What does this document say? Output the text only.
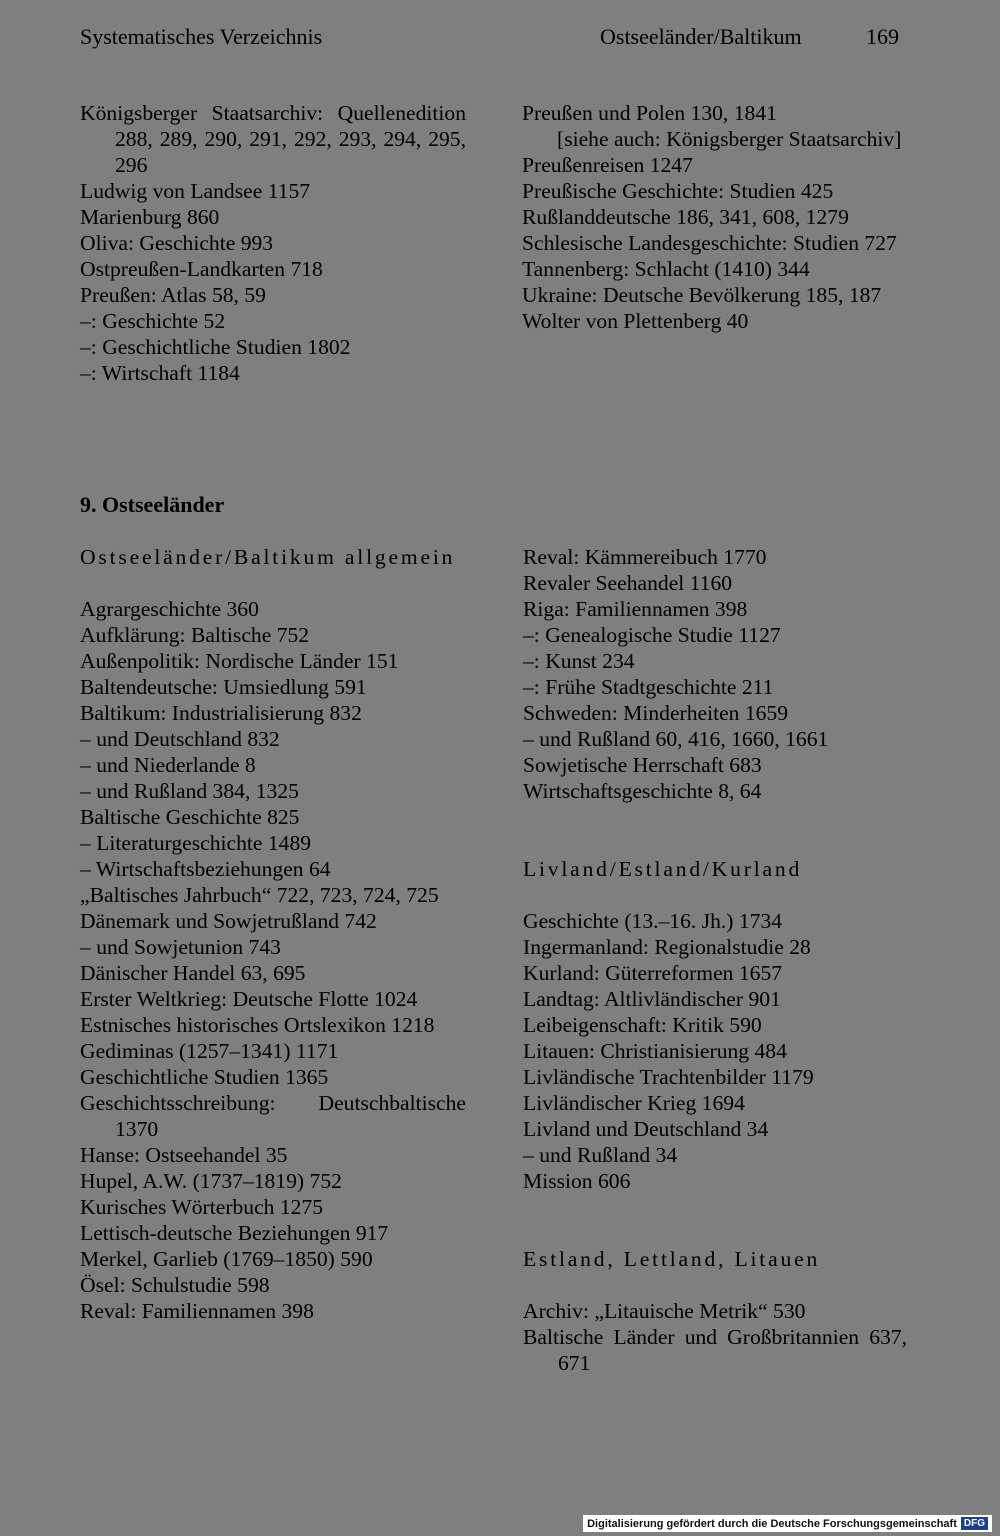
Systematisches Verzeichnis	Ostseeländer/Baltikum	169
Königsberger Staatsarchiv: Quellenedition 288, 289, 290, 291, 292, 293, 294, 295, 296
Ludwig von Landsee 1157
Marienburg 860
Oliva: Geschichte 993
Ostpreußen-Landkarten 718
Preußen: Atlas 58, 59
–: Geschichte 52
–: Geschichtliche Studien 1802
–: Wirtschaft 1184
Preußen und Polen 130, 1841
[siehe auch: Königsberger Staatsarchiv]
Preußenreisen 1247
Preußische Geschichte: Studien 425
Rußlanddeutsche 186, 341, 608, 1279
Schlesische Landesgeschichte: Studien 727
Tannenberg: Schlacht (1410) 344
Ukraine: Deutsche Bevölkerung 185, 187
Wolter von Plettenberg 40
9. Ostseeländer
Ostseeländer/Baltikum allgemein
Agrargeschichte 360
Aufklärung: Baltische 752
Außenpolitik: Nordische Länder 151
Baltendeutsche: Umsiedlung 591
Baltikum: Industrialisierung 832
– und Deutschland 832
– und Niederlande 8
– und Rußland 384, 1325
Baltische Geschichte 825
– Literaturgeschichte 1489
– Wirtschaftsbeziehungen 64
„Baltisches Jahrbuch“ 722, 723, 724, 725
Dänemark und Sowjetrußland 742
– und Sowjetunion 743
Dänischer Handel 63, 695
Erster Weltkrieg: Deutsche Flotte 1024
Estnisches historisches Ortslexikon 1218
Gediminas (1257–1341) 1171
Geschichtliche Studien 1365
Geschichtsschreibung: Deutschbaltische 1370
Hanse: Ostseehandel 35
Hupel, A.W. (1737–1819) 752
Kurisches Wörterbuch 1275
Lettisch-deutsche Beziehungen 917
Merkel, Garlieb (1769–1850) 590
Ösel: Schulstudie 598
Reval: Familiennamen 398
Reval: Kämmereibuch 1770
Revaler Seehandel 1160
Riga: Familiennamen 398
–: Genealogische Studie 1127
–: Kunst 234
–: Frühe Stadtgeschichte 211
Schweden: Minderheiten 1659
– und Rußland 60, 416, 1660, 1661
Sowjetische Herrschaft 683
Wirtschaftsgeschichte 8, 64
Livland/Estland/Kurland
Geschichte (13.–16. Jh.) 1734
Ingermanland: Regionalstudie 28
Kurland: Güterreformen 1657
Landtag: Altlivländischer 901
Leibeigenschaft: Kritik 590
Litauen: Christianisierung 484
Livländische Trachtenbilder 1179
Livländischer Krieg 1694
Livland und Deutschland 34
– und Rußland 34
Mission 606
Estland, Lettland, Litauen
Archiv: „Litauische Metrik“ 530
Baltische Länder und Großbritannien 637, 671
Digitalisierung gefördert durch die Deutsche Forschungsgemeinschaft DFG
